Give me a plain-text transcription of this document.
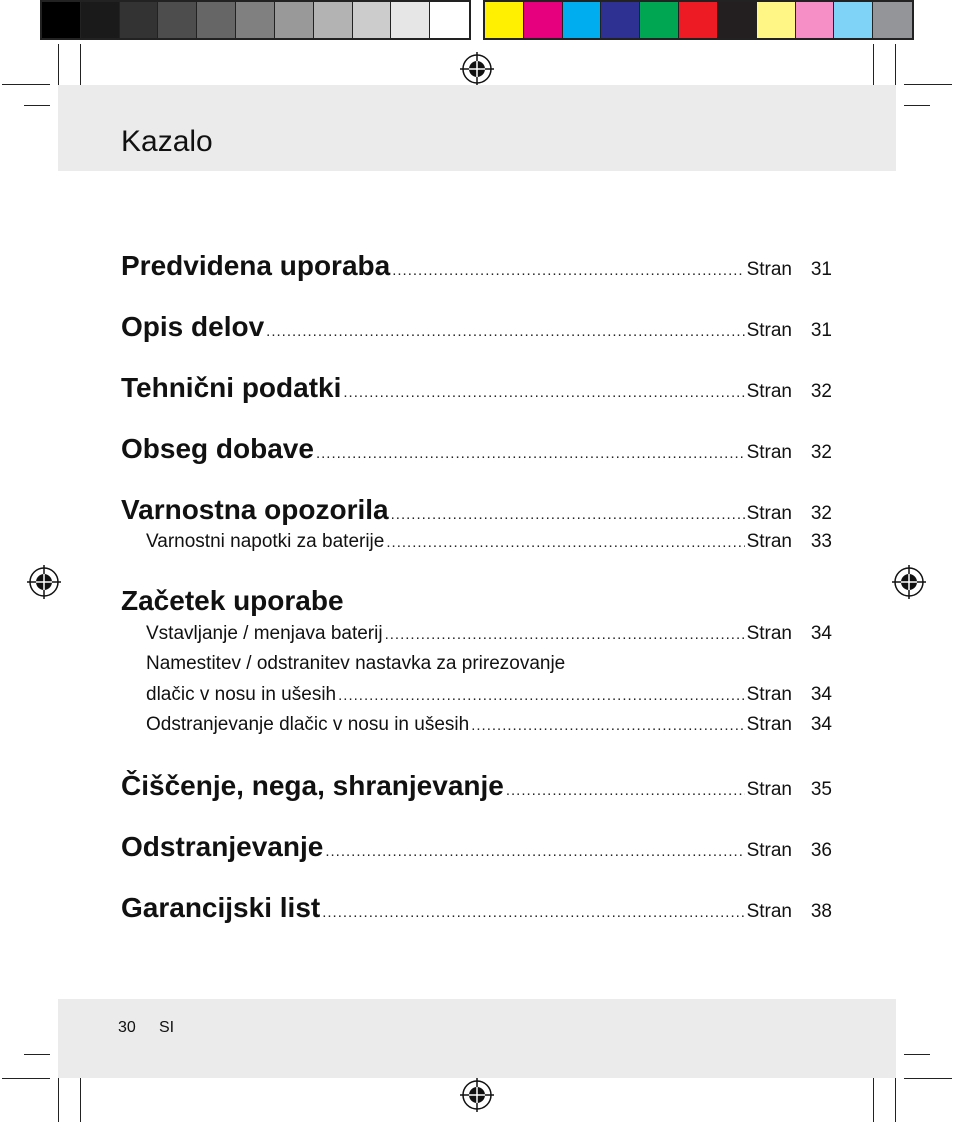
Kazalo
Predvidena uporaba .....	Stran 31
Opis delov .....	Stran 31
Tehnični podatki .....	Stran 32
Obseg dobave .....	Stran 32
Varnostna opozorila .....	Stran 32
Varnostni napotki za baterije .....	Stran 33
Začetek uporabe
Vstavljanje / menjava baterij .....	Stran 34
Namestitev / odstranitev nastavka za prirezovanje
dlačic v nosu in ušesih .....	Stran 34
Odstranjevanje dlačic v nosu in ušesih .....	Stran 34
Čiščenje, nega, shranjevanje .....	Stran 35
Odstranjevanje .....	Stran 36
Garancijski list .....	Stran 38
30 SI
